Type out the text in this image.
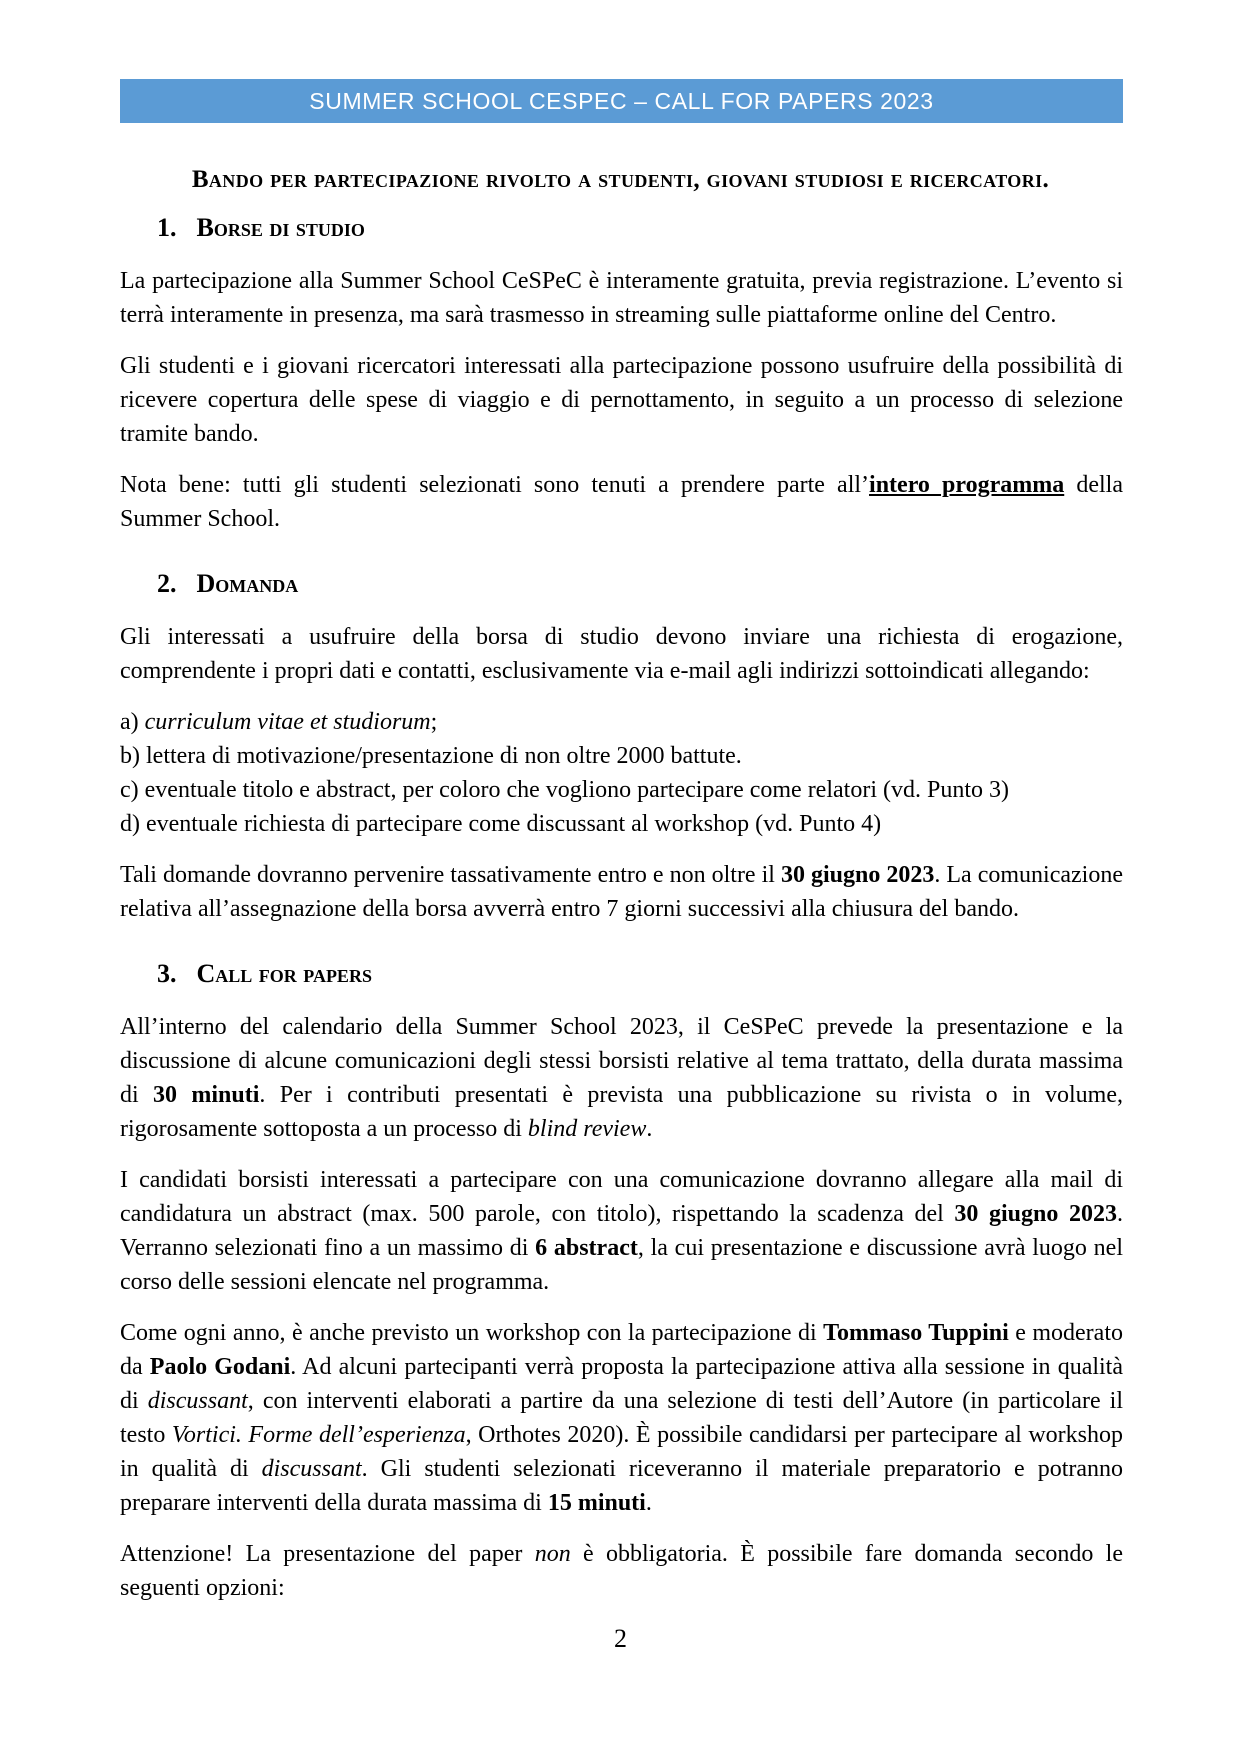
SUMMER SCHOOL CESPEC – CALL FOR PAPERS 2023
Bando per partecipazione rivolto a studenti, giovani studiosi e ricercatori.
1. Borse di studio

La partecipazione alla Summer School CeSPeC è interamente gratuita, previa registrazione. L’evento si terrà interamente in presenza, ma sarà trasmesso in streaming sulle piattaforme online del Centro.

Gli studenti e i giovani ricercatori interessati alla partecipazione possono usufruire della possibilità di ricevere copertura delle spese di viaggio e di pernottamento, in seguito a un processo di selezione tramite bando.

Nota bene: tutti gli studenti selezionati sono tenuti a prendere parte all’intero programma della Summer School.

2. Domanda

Gli interessati a usufruire della borsa di studio devono inviare una richiesta di erogazione, comprendente i propri dati e contatti, esclusivamente via e-mail agli indirizzi sottoindicati allegando:

a) curriculum vitae et studiorum;
b) lettera di motivazione/presentazione di non oltre 2000 battute.
c) eventuale titolo e abstract, per coloro che vogliono partecipare come relatori (vd. Punto 3)
d) eventuale richiesta di partecipare come discussant al workshop (vd. Punto 4)

Tali domande dovranno pervenire tassativamente entro e non oltre il 30 giugno 2023. La comunicazione relativa all’assegnazione della borsa avverrà entro 7 giorni successivi alla chiusura del bando.

3. Call for papers

All’interno del calendario della Summer School 2023, il CeSPeC prevede la presentazione e la discussione di alcune comunicazioni degli stessi borsisti relative al tema trattato, della durata massima di 30 minuti. Per i contributi presentati è prevista una pubblicazione su rivista o in volume, rigorosamente sottoposta a un processo di blind review.

I candidati borsisti interessati a partecipare con una comunicazione dovranno allegare alla mail di candidatura un abstract (max. 500 parole, con titolo), rispettando la scadenza del 30 giugno 2023. Verranno selezionati fino a un massimo di 6 abstract, la cui presentazione e discussione avrà luogo nel corso delle sessioni elencate nel programma.

Come ogni anno, è anche previsto un workshop con la partecipazione di Tommaso Tuppini e moderato da Paolo Godani. Ad alcuni partecipanti verrà proposta la partecipazione attiva alla sessione in qualità di discussant, con interventi elaborati a partire da una selezione di testi dell’Autore (in particolare il testo Vortici. Forme dell’esperienza, Orthotes 2020). È possibile candidarsi per partecipare al workshop in qualità di discussant. Gli studenti selezionati riceveranno il materiale preparatorio e potranno preparare interventi della durata massima di 15 minuti.

Attenzione! La presentazione del paper non è obbligatoria. È possibile fare domanda secondo le seguenti opzioni:

2
